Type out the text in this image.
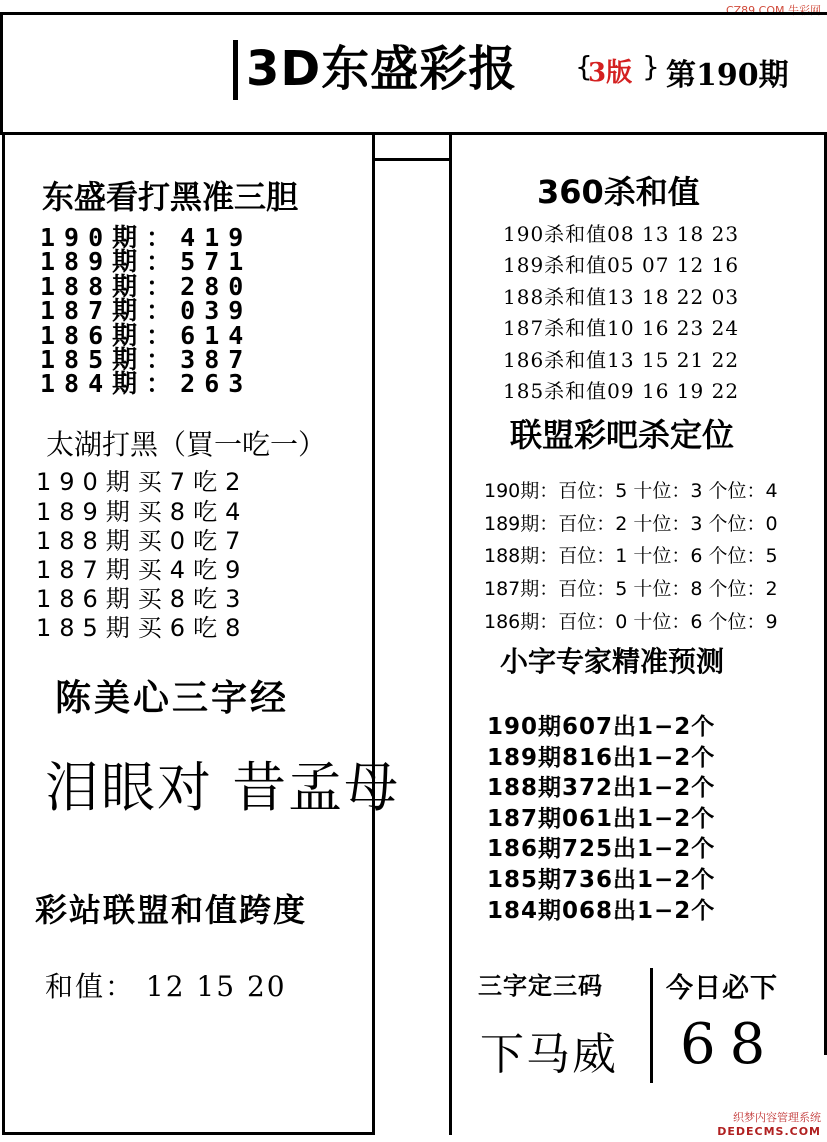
CZ89.COM 牛彩网
3D东盛彩报 {
3版 } 第190期
东盛看打黑准三胆
190期：419
189期：571
188期：280
187期：039
186期：614
185期：387
184期：263
太湖打黑（買一吃一）
190期买7吃2
189期买8吃4
188期买0吃7
187期买4吃9
186期买8吃3
185期买6吃8
陈美心三字经
泪眼对 昔孟母
彩站联盟和值跨度
和值： 12 15 20
360杀和值
190杀和值08 13 18 23
189杀和值05 07 12 16
188杀和值13 18 22 03
187杀和值10 16 23 24
186杀和值13 15 21 22
185杀和值09 16 19 22
联盟彩吧杀定位
190期：百位：5 十位：3 个位：4
189期：百位：2 十位：3 个位：0
188期：百位：1 十位：6 个位：5
187期：百位：5 十位：8 个位：2
186期：百位：0 十位：6 个位：9
小字专家精准预测
190期607出1−2个
189期816出1−2个
188期372出1−2个
187期061出1−2个
186期725出1−2个
185期736出1−2个
184期068出1−2个
三字定三码 今日必下
下马威 68
织梦内容管理系统
DEDECMS.COM
